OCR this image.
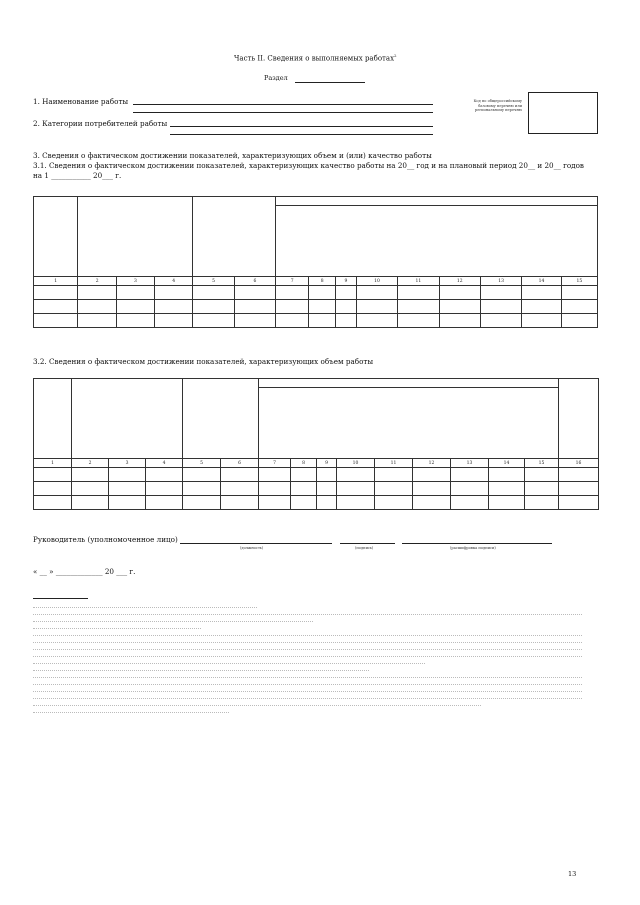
Часть II. Сведения о выполняемых работах$^2$
Раздел
1. Наименование работы
2. Категории потребителей работы
Код по общероссийскому
базовому перечню или
региональному перечню
3. Сведения о фактическом достижении показателей, характеризующих объем и (или) качество работы
3.1. Сведения о фактическом достижении показателей, характеризующих качество работы на 20__ год и на плановый период 20__ и 20__ годов
на 1 ___________ 20___ г.

1	2	3	4	5	6	7	8	9	10	11	12	13	14	15

3.2. Сведения о фактическом достижении показателей, характеризующих объем работы

1	2	3	4	5	6	7	8	9	10	11	12	13	14	15	16

Руководитель (уполномоченное лицо)
(должность)	(подпись)	(расшифровка подписи)
« __ » _____________ 20 ___ г.
13
